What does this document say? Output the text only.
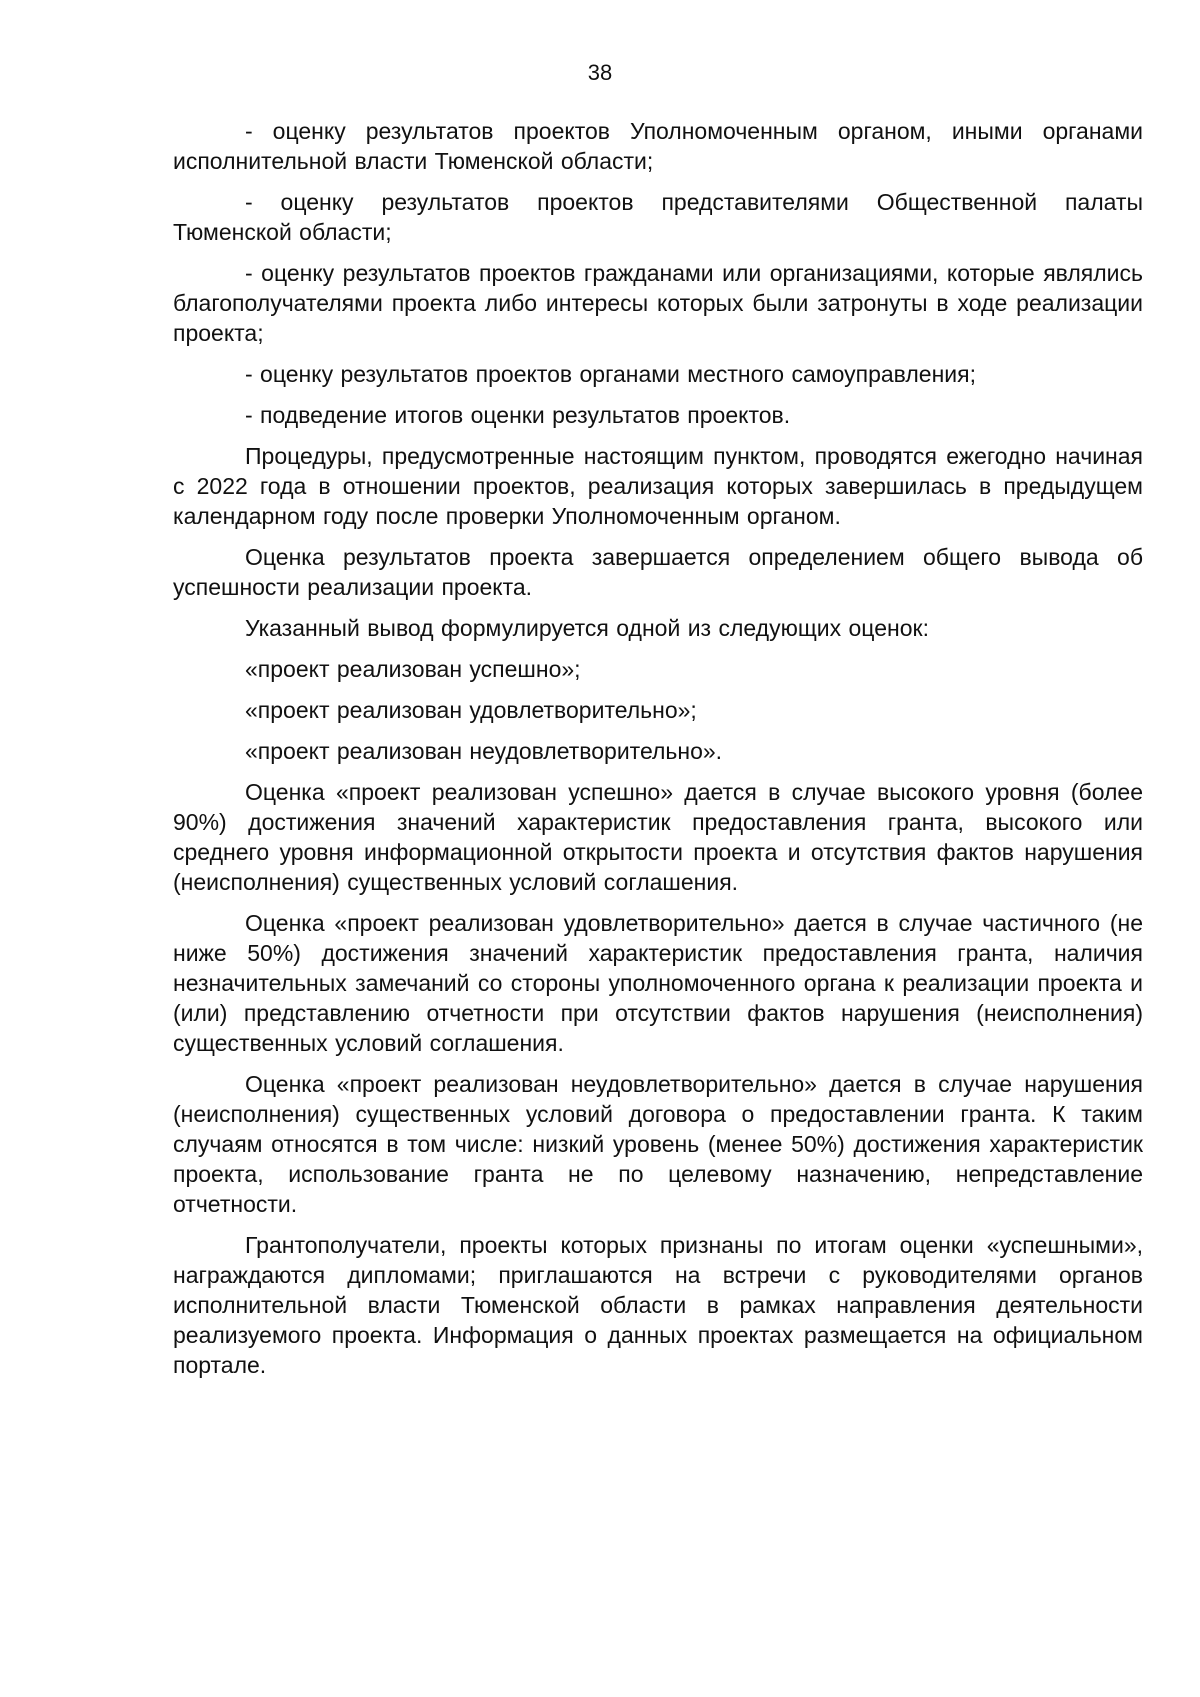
38

- оценку результатов проектов Уполномоченным органом, иными органами исполнительной власти Тюменской области;

- оценку результатов проектов представителями Общественной палаты Тюменской области;

- оценку результатов проектов гражданами или организациями, которые являлись благополучателями проекта либо интересы которых были затронуты в ходе реализации проекта;

- оценку результатов проектов органами местного самоуправления;

- подведение итогов оценки результатов проектов.

Процедуры, предусмотренные настоящим пунктом, проводятся ежегодно начиная с 2022 года в отношении проектов, реализация которых завершилась в предыдущем календарном году после проверки Уполномоченным органом.

Оценка результатов проекта завершается определением общего вывода об успешности реализации проекта.

Указанный вывод формулируется одной из следующих оценок:

«проект реализован успешно»;

«проект реализован удовлетворительно»;

«проект реализован неудовлетворительно».

Оценка «проект реализован успешно» дается в случае высокого уровня (более 90%) достижения значений характеристик предоставления гранта, высокого или среднего уровня информационной открытости проекта и отсутствия фактов нарушения (неисполнения) существенных условий соглашения.

Оценка «проект реализован удовлетворительно» дается в случае частичного (не ниже 50%) достижения значений характеристик предоставления гранта, наличия незначительных замечаний со стороны уполномоченного органа к реализации проекта и (или) представлению отчетности при отсутствии фактов нарушения (неисполнения) существенных условий соглашения.

Оценка «проект реализован неудовлетворительно» дается в случае нарушения (неисполнения) существенных условий договора о предоставлении гранта. К таким случаям относятся в том числе: низкий уровень (менее 50%) достижения характеристик проекта, использование гранта не по целевому назначению, непредставление отчетности.

Грантополучатели, проекты которых признаны по итогам оценки «успешными», награждаются дипломами; приглашаются на встречи с руководителями органов исполнительной власти Тюменской области в рамках направления деятельности реализуемого проекта. Информация о данных проектах размещается на официальном портале.
